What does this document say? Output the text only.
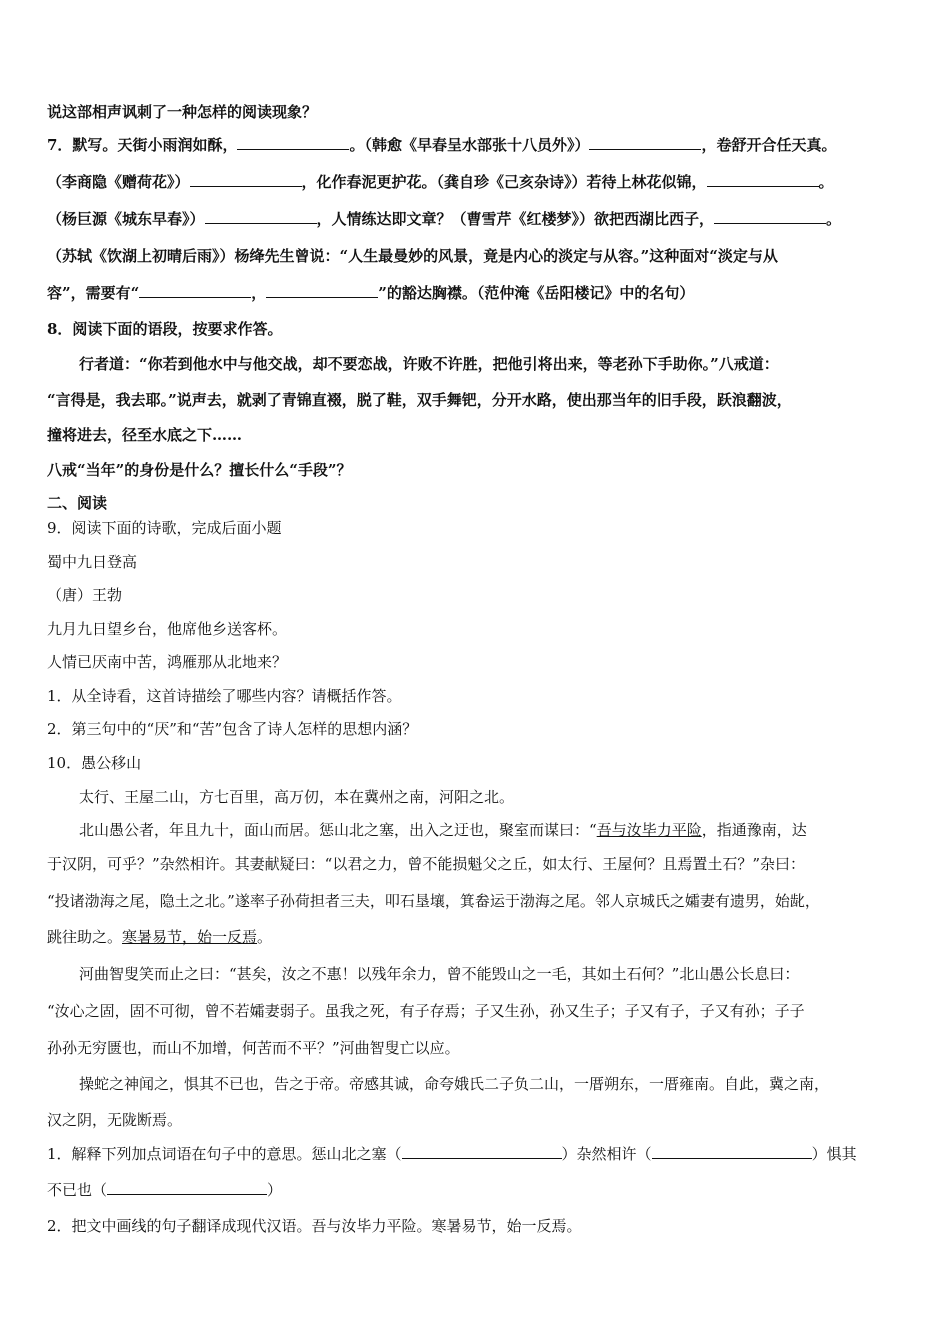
说这部相声讽刺了一种怎样的阅读现象？
7．默写。天街小雨润如酥，	。（韩愈《早春呈水部张十八员外》）	，卷舒开合任天真。
（李商隐《赠荷花》）	，化作春泥更护花。（龚自珍《己亥杂诗》）若待上林花似锦，	。
（杨巨源《城东早春》）	，人情练达即文章？（曹雪芹《红楼梦》）欲把西湖比西子，	。
（苏轼《饮湖上初晴后雨》）杨绛先生曾说：“人生最曼妙的风景，竟是内心的淡定与从容。”这种面对“淡定与从
容”，需要有“	，	”的豁达胸襟。（范仲淹《岳阳楼记》中的名句）
8．阅读下面的语段，按要求作答。
行者道：“你若到他水中与他交战，却不要恋战，许败不许胜，把他引将出来，等老孙下手助你。”八戒道：
“言得是，我去耶。”说声去，就剥了青锦直裰，脱了鞋，双手舞钯，分开水路，使出那当年的旧手段，跃浪翻波，
撞将进去，径至水底之下……
八戒“当年”的身份是什么？擅长什么“手段”？
二、阅读
9．阅读下面的诗歌，完成后面小题
蜀中九日登高
（唐）王勃
九月九日望乡台，他席他乡送客杯。
人情已厌南中苦，鸿雁那从北地来？
1．从全诗看，这首诗描绘了哪些内容？请概括作答。
2．第三句中的“厌”和“苦”包含了诗人怎样的思想内涵？
10．愚公移山
太行、王屋二山，方七百里，高万仞，本在冀州之南，河阳之北。
北山愚公者，年且九十，面山而居。惩山北之塞，出入之迂也，聚室而谋曰：“吾与汝毕力平险，指通豫南，达
于汉阴，可乎？”杂然相许。其妻献疑曰：“以君之力，曾不能损魁父之丘，如太行、王屋何？且焉置土石？”杂曰：
“投诸渤海之尾，隐土之北。”遂率子孙荷担者三夫，叩石垦壤，箕畚运于渤海之尾。邻人京城氏之孀妻有遗男，始龀，
跳往助之。寒暑易节，始一反焉。
河曲智叟笑而止之曰：“甚矣，汝之不惠！以残年余力，曾不能毁山之一毛，其如土石何？”北山愚公长息曰：
“汝心之固，固不可彻，曾不若孀妻弱子。虽我之死，有子存焉；子又生孙，孙又生子；子又有子，子又有孙；子子
孙孙无穷匮也，而山不加增，何苦而不平？”河曲智叟亡以应。
操蛇之神闻之，惧其不已也，告之于帝。帝感其诚，命夸娥氏二子负二山，一厝朔东，一厝雍南。自此，冀之南，
汉之阴，无陇断焉。
1．解释下列加点词语在句子中的意思。惩山北之塞（	）杂然相许（	）惧其
不已也（	）
2．把文中画线的句子翻译成现代汉语。吾与汝毕力平险。寒暑易节，始一反焉。
